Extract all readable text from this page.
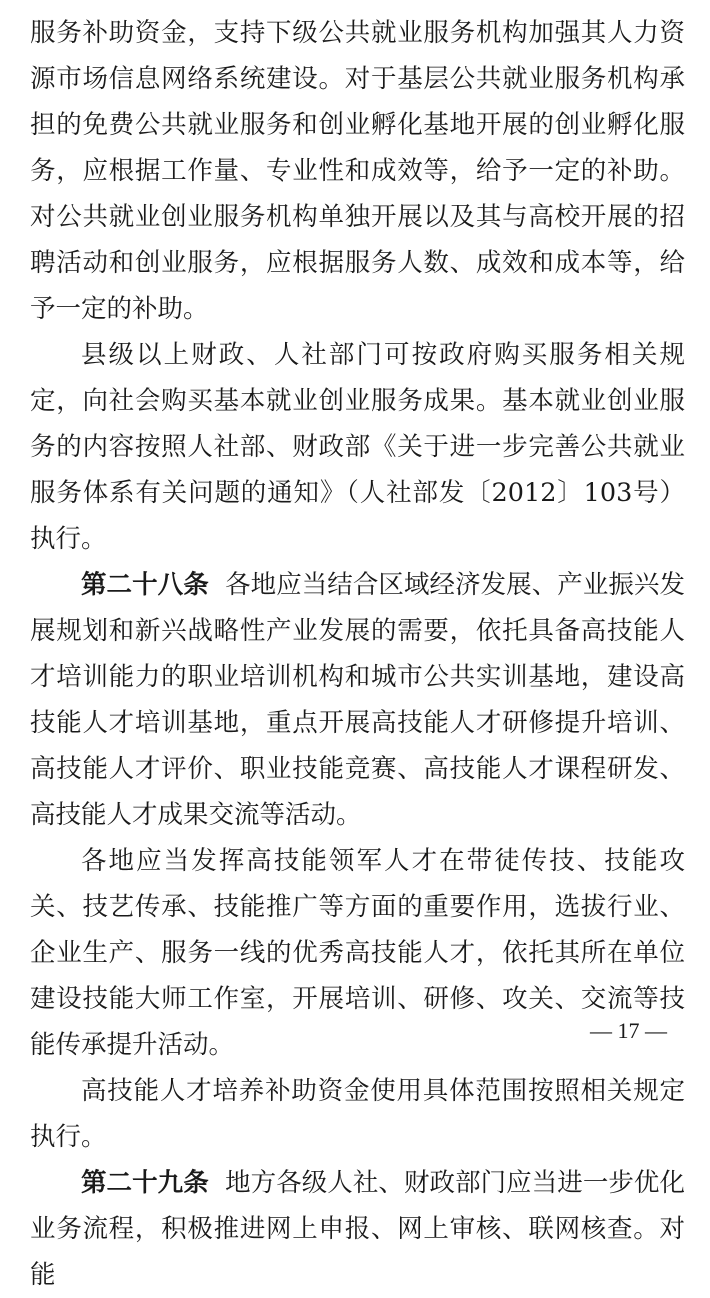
服务补助资金，支持下级公共就业服务机构加强其人力资源市场信息网络系统建设。对于基层公共就业服务机构承担的免费公共就业服务和创业孵化基地开展的创业孵化服务，应根据工作量、专业性和成效等，给予一定的补助。对公共就业创业服务机构单独开展以及其与高校开展的招聘活动和创业服务，应根据服务人数、成效和成本等，给予一定的补助。

县级以上财政、人社部门可按政府购买服务相关规定，向社会购买基本就业创业服务成果。基本就业创业服务的内容按照人社部、财政部《关于进一步完善公共就业服务体系有关问题的通知》（人社部发〔2012〕103号）执行。

第二十八条 各地应当结合区域经济发展、产业振兴发展规划和新兴战略性产业发展的需要，依托具备高技能人才培训能力的职业培训机构和城市公共实训基地，建设高技能人才培训基地，重点开展高技能人才研修提升培训、高技能人才评价、职业技能竞赛、高技能人才课程研发、高技能人才成果交流等活动。

各地应当发挥高技能领军人才在带徒传技、技能攻关、技艺传承、技能推广等方面的重要作用，选拔行业、企业生产、服务一线的优秀高技能人才，依托其所在单位建设技能大师工作室，开展培训、研修、攻关、交流等技能传承提升活动。

高技能人才培养补助资金使用具体范围按照相关规定执行。

第二十九条 地方各级人社、财政部门应当进一步优化业务流程，积极推进网上申报、网上审核、联网核查。对能

— 17 —
